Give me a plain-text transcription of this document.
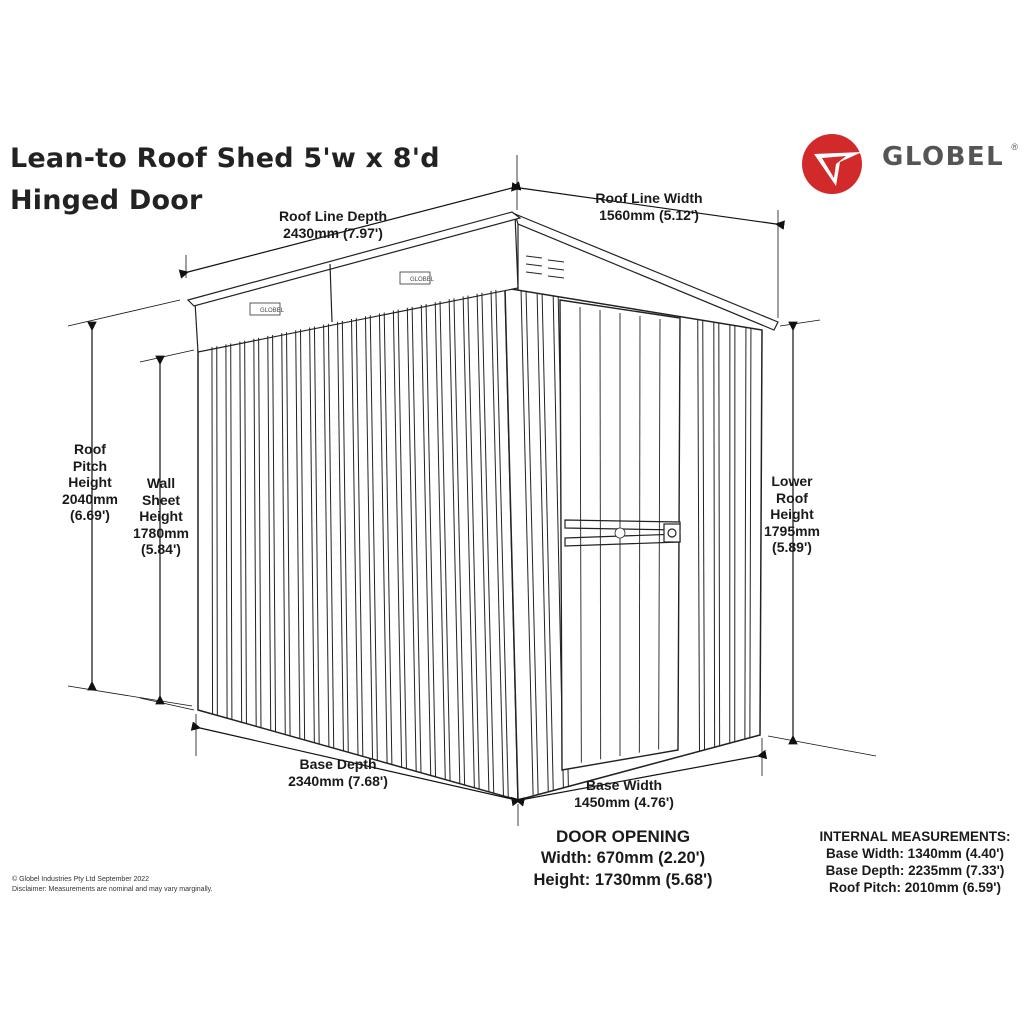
Lean-to Roof Shed 5'w x 8'd
Hinged Door
GLOBEL ®
GLOBEL
GLOBEL
Roof Line Depth
2430mm (7.97')
Roof Line Width
1560mm (5.12')
Roof
Pitch
Height
2040mm
(6.69')
Wall
Sheet
Height
1780mm
(5.84')
Lower
Roof
Height
1795mm
(5.89')
Base Depth
2340mm (7.68')	Base Width
1450mm (4.76')
DOOR OPENING
Width: 670mm (2.20')
Height: 1730mm (5.68')
INTERNAL MEASUREMENTS:
Base Width: 1340mm (4.40')
Base Depth: 2235mm (7.33')
Roof Pitch: 2010mm (6.59')
© Globel Industries Pty Ltd September 2022
Disclaimer: Measurements are nominal and may vary marginally.
